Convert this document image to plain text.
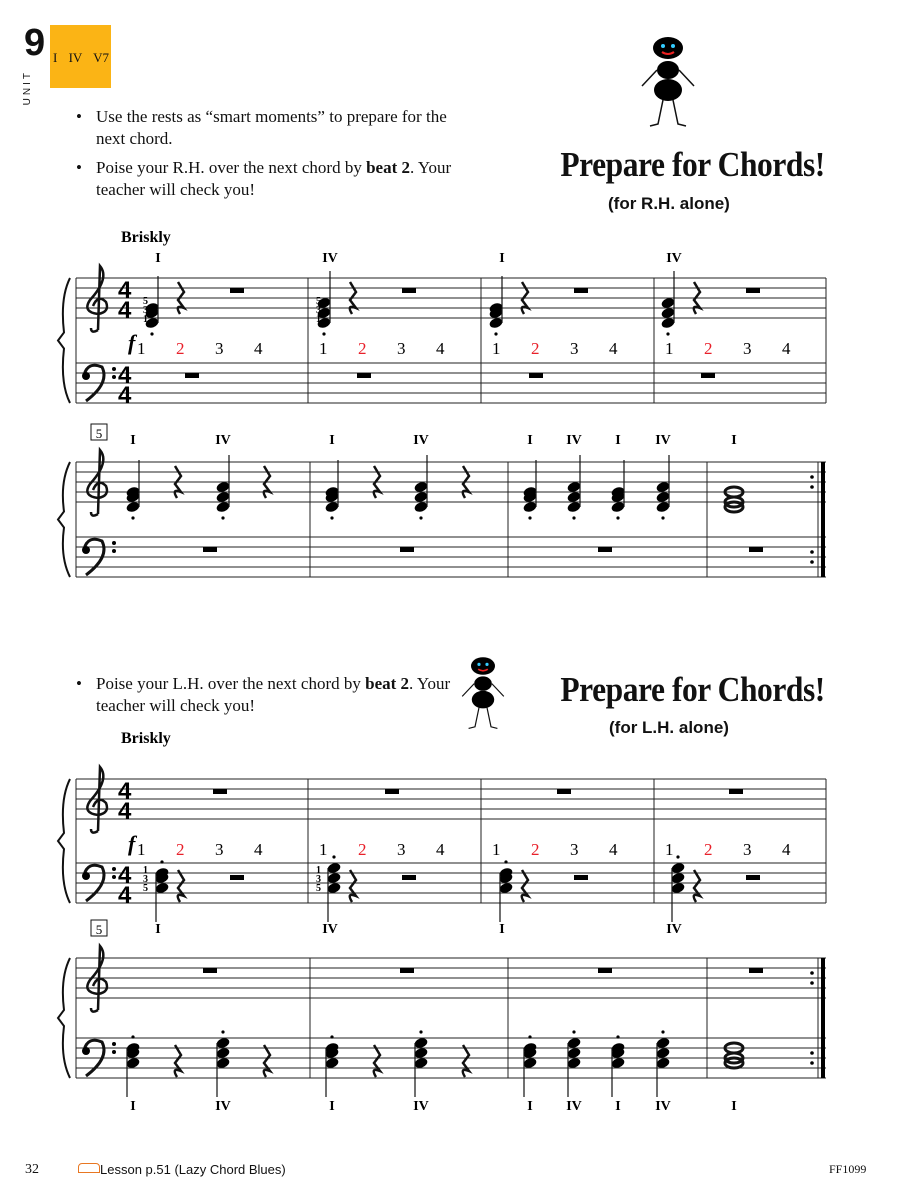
9
UNIT
I IV V7
• Use the rests as “smart moments” to prepare for the next chord.
• Poise your R.H. over the next chord by beat 2. Your teacher will check you!
4
4
4
4
Briskly
f
I	IV	I	IV
1 2 3 4	1 2 3 4	1 2 3 4	1 2 3 4
5
3
1
5
3
1
5 I	IV	I	IV	I IV I IV	I
4
4
4
4
Briskly
f
I	IV	I	IV
1 2 3 4	1 2 3 4	1 2 3 4	1 2 3 4
1
3
5
1
3
5
5
I	IV	I	IV	I IV I IV	I
Prepare for Chords!
(for R.H. alone)
• Poise your L.H. over the next chord by beat 2. Your teacher will check you!	Prepare for Chords!
(for L.H. alone)
32	Lesson p.51 (Lazy Chord Blues)	FF1099
